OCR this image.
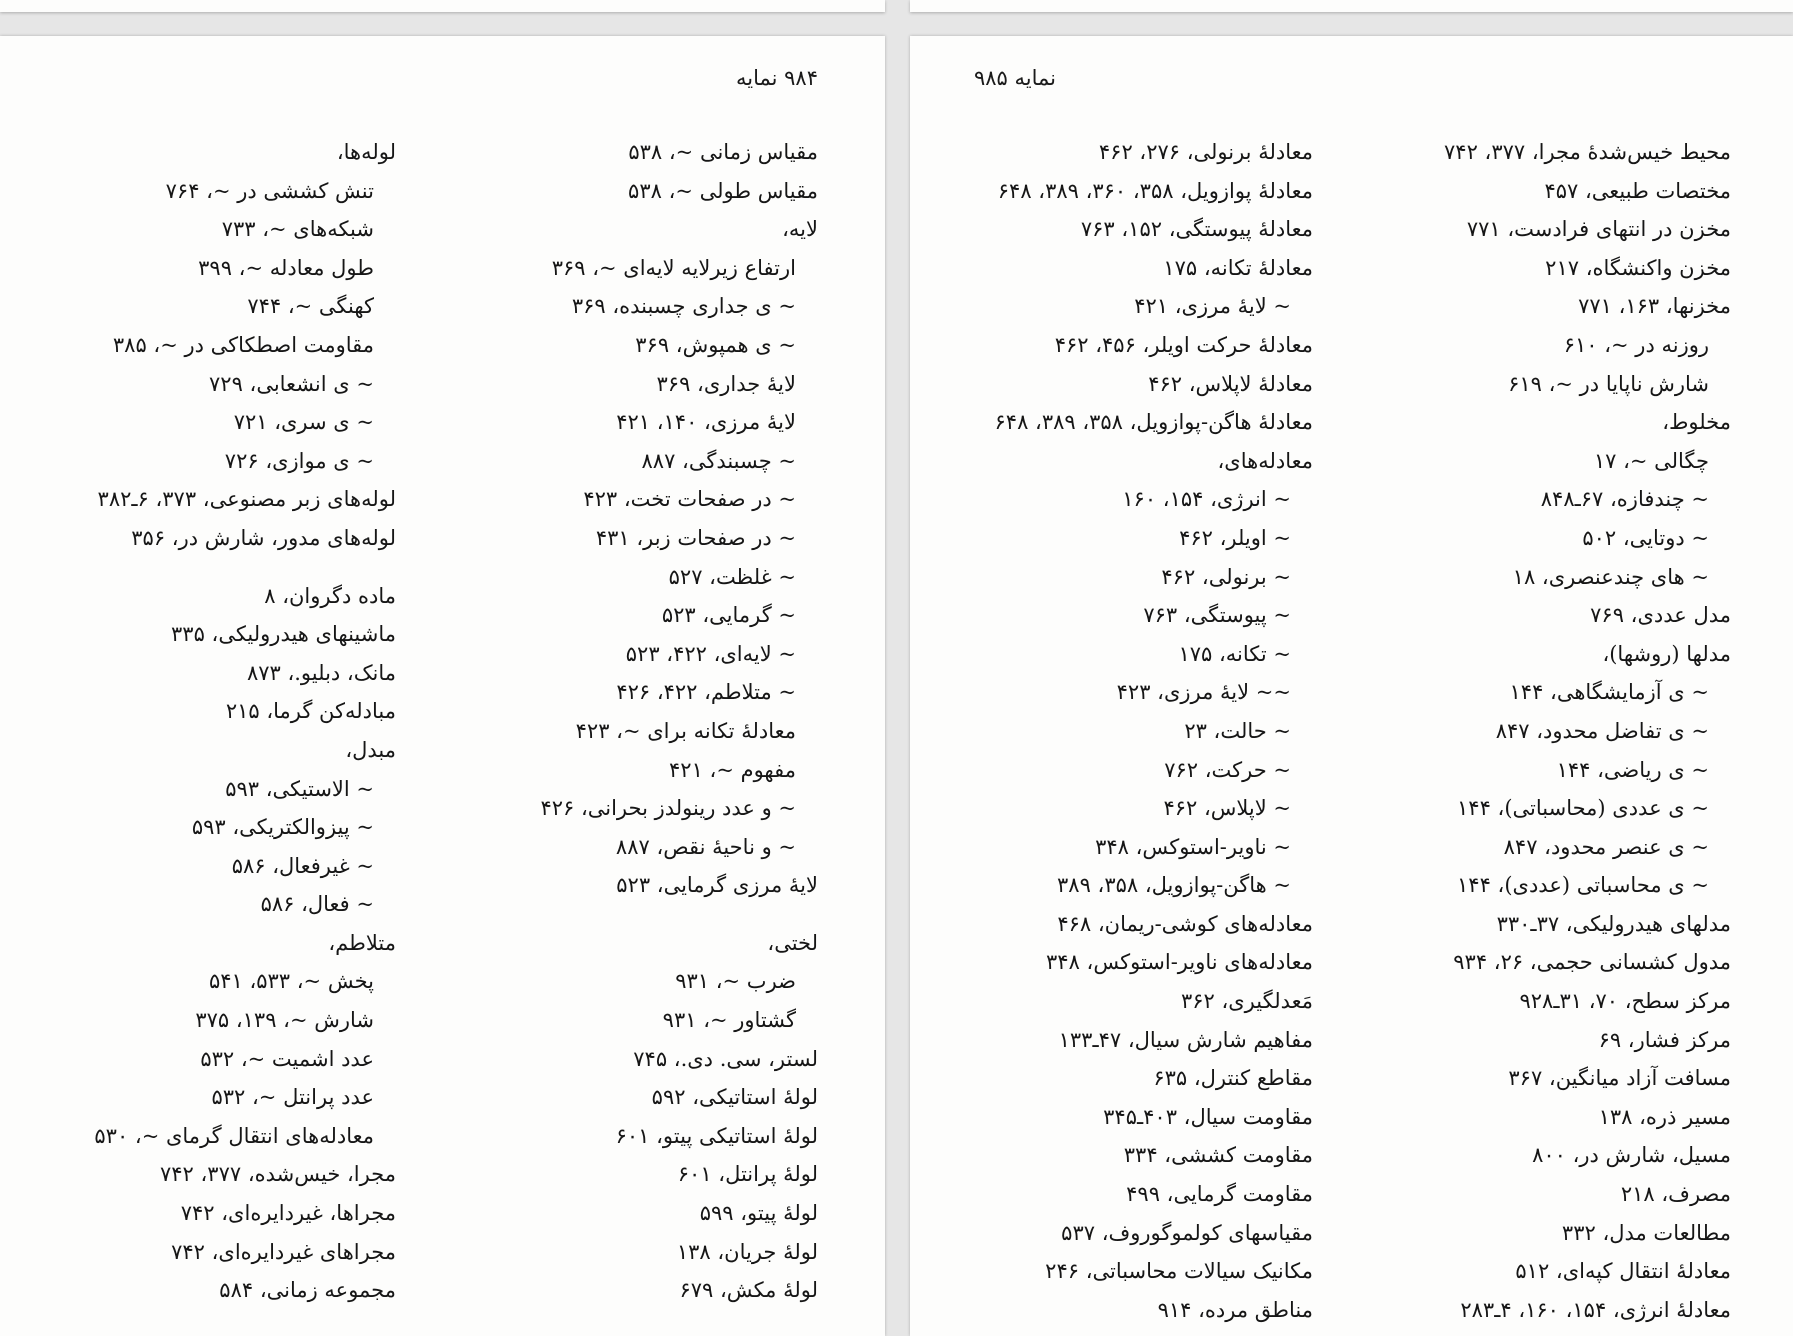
۹۸۴ نمایه
مقیاس زمانی ~، ۵۳۸
مقیاس طولی ~، ۵۳۸
لایه،
ارتفاع زیرلایه لایه‌ای ~، ۳۶۹
~ ی جداری چسبنده، ۳۶۹
~ ی همپوش، ۳۶۹
لایهٔ جداری، ۳۶۹
لایهٔ مرزی، ۱۴۰، ۴۲۱
~ چسبندگی، ۸۸۷
~ در صفحات تخت، ۴۲۳
~ در صفحات زبر، ۴۳۱
~ غلظت، ۵۲۷
~ گرمایی، ۵۲۳
~ لایه‌ای، ۴۲۲، ۵۲۳
~ متلاطم، ۴۲۲، ۴۲۶
معادلهٔ تکانه برای ~، ۴۲۳
مفهوم ~، ۴۲۱
~ و عدد رینولدز بحرانی، ۴۲۶
~ و ناحیهٔ نقص، ۸۸۷
لایهٔ مرزی گرمایی، ۵۲۳
لختی،
ضرب ~، ۹۳۱
گشتاور ~، ۹۳۱
لستر، سی. دی.، ۷۴۵
لولهٔ استاتیکی، ۵۹۲
لولهٔ استاتیکی پیتو، ۶۰۱
لولهٔ پرانتل، ۶۰۱
لولهٔ پیتو، ۵۹۹
لولهٔ جریان، ۱۳۸
لولهٔ مکش، ۶۷۹
لوله‌ها،
تنش کششی در ~، ۷۶۴
شبکه‌های ~، ۷۳۳
طول معادله ~، ۳۹۹
کهنگی ~، ۷۴۴
مقاومت اصطکاکی در ~، ۳۸۵
~ ی انشعابی، ۷۲۹
~ ی سری، ۷۲۱
~ ی موازی، ۷۲۶
لوله‌های زبر مصنوعی، ۳۷۳، ۶ـ۳۸۲
لوله‌های مدور، شارش در، ۳۵۶
ماده دگروان، ۸
ماشینهای هیدرولیکی، ۳۳۵
مانک، دبلیو.، ۸۷۳
مبادله‌کن گرما، ۲۱۵
مبدل،
~ الاستیکی، ۵۹۳
~ پیزوالکتریکی، ۵۹۳
~ غیرفعال، ۵۸۶
~ فعال، ۵۸۶
متلاطم،
پخش ~، ۵۳۳، ۵۴۱
شارش ~، ۱۳۹، ۳۷۵
عدد اشمیت ~، ۵۳۲
عدد پرانتل ~، ۵۳۲
معادله‌های انتقال گرمای ~، ۵۳۰
مجرا، خیس‌شده، ۳۷۷، ۷۴۲
مجراها، غیردایره‌ای، ۷۴۲
مجراهای غیردایره‌ای، ۷۴۲
مجموعه زمانی، ۵۸۴
نمایه ۹۸۵
محیط خیس‌شدهٔ مجرا، ۳۷۷، ۷۴۲
مختصات طبیعی، ۴۵۷
مخزن در انتهای فرادست، ۷۷۱
مخزن واکنشگاه، ۲۱۷
مخزنها، ۱۶۳، ۷۷۱
روزنه در ~، ۶۱۰
شارش ناپایا در ~، ۶۱۹
مخلوط،
چگالی ~، ۱۷
~ چندفازه، ۶۷ـ۸۴۸
~ دوتایی، ۵۰۲
~ های چندعنصری، ۱۸
مدل عددی، ۷۶۹
مدلها (روشها)،
~ ی آزمایشگاهی، ۱۴۴
~ ی تفاضل محدود، ۸۴۷
~ ی ریاضی، ۱۴۴
~ ی عددی (محاسباتی)، ۱۴۴
~ ی عنصر محدود، ۸۴۷
~ ی محاسباتی (عددی)، ۱۴۴
مدلهای هیدرولیکی، ۳۷ـ۳۳۰
مدول کشسانی حجمی، ۲۶، ۹۳۴
مرکز سطح، ۷۰، ۳۱ـ۹۲۸
مرکز فشار، ۶۹
مسافت آزاد میانگین، ۳۶۷
مسیر ذره، ۱۳۸
مسیل، شارش در، ۸۰۰
مصرف، ۲۱۸
مطالعات مدل، ۳۳۲
معادلهٔ انتقال کپه‌ای، ۵۱۲
معادلهٔ انرژی، ۱۵۴، ۱۶۰، ۴ـ۲۸۳
معادلهٔ برنولی، ۲۷۶، ۴۶۲
معادلهٔ پوازویل، ۳۵۸، ۳۶۰، ۳۸۹، ۶۴۸
معادلهٔ پیوستگی، ۱۵۲، ۷۶۳
معادلهٔ تکانه، ۱۷۵
~ لایهٔ مرزی، ۴۲۱
معادلهٔ حرکت اویلر، ۴۵۶، ۴۶۲
معادلهٔ لاپلاس، ۴۶۲
معادلهٔ هاگن-پوازویل، ۳۵۸، ۳۸۹، ۶۴۸
معادله‌های،
~ انرژی، ۱۵۴، ۱۶۰
~ اویلر، ۴۶۲
~ برنولی، ۴۶۲
~ پیوستگی، ۷۶۳
~ تکانه، ۱۷۵
~~ لایهٔ مرزی، ۴۲۳
~ حالت، ۲۳
~ حرکت، ۷۶۲
~ لاپلاس، ۴۶۲
~ ناویر-استوکس، ۳۴۸
~ هاگن-پوازویل، ۳۵۸، ۳۸۹
معادله‌های کوشی-ریمان، ۴۶۸
معادله‌های ناویر-استوکس، ۳۴۸
مَعدلگیری، ۳۶۲
مفاهیم شارش سیال، ۴۷ـ۱۳۳
مقاطع کنترل، ۶۳۵
مقاومت سیال، ۴۰۳ـ۳۴۵
مقاومت کششی، ۳۳۴
مقاومت گرمایی، ۴۹۹
مقیاسهای کولموگوروف، ۵۳۷
مکانیک سیالات محاسباتی، ۲۴۶
مناطق مرده، ۹۱۴
